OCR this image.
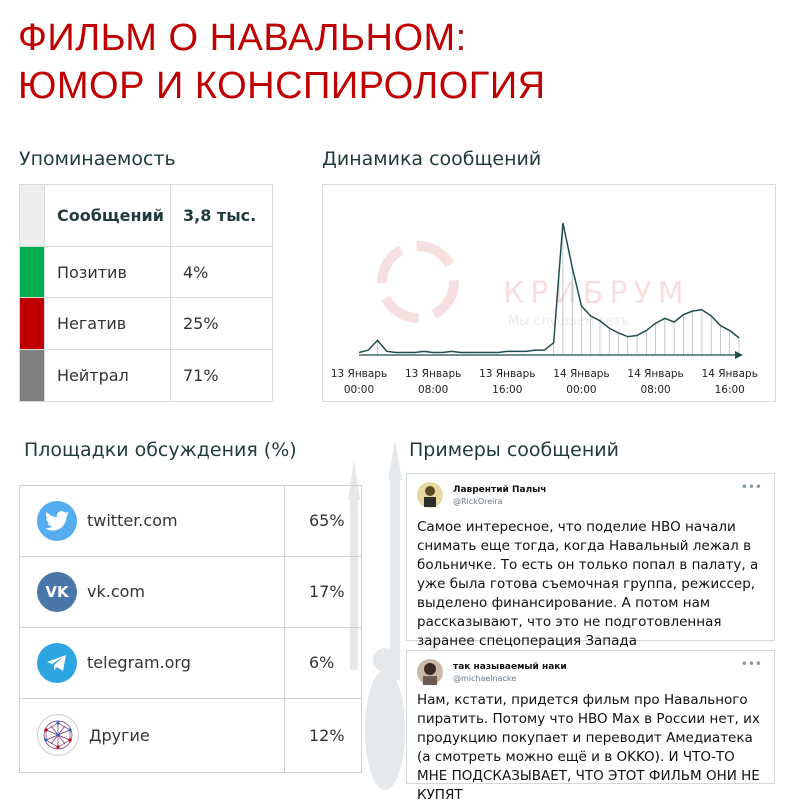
ФИЛЬМ О НАВАЛЬНОМ:
ЮМОР И КОНСПИРОЛОГИЯ
Упоминаемость
	Сообщений	3,8 тыс.
	Позитив	4%
	Негатив	25%
	Нейтрал	71%
Динамика сообщений
КРИБРУМ
Мы слушаем сеть
13 Январь
00:00
13 Январь
08:00
13 Январь
16:00
14 Январь
00:00
14 Январь
08:00
14 Январь
16:00
Площадки обсуждения (%)
twitter.com	65%

VK vk.com	17%

telegram.org	6%

Другие	12%
Примеры сообщений
Лаврентий Палыч
@RickOreira
•••
Самое интересное, что поделие HBO начали снимать еще тогда, когда Навальный лежал в больничке. То есть он только попал в палату, а уже была готова съемочная группа, режиссер, выделено финансирование. А потом нам рассказывают, что это не подготовленная заранее спецоперация Запада
так называемый наки
@michaelnacke
•••
Нам, кстати, придется фильм про Навального пиратить. Потому что HBO Max в России нет, их продукцию покупает и переводит Амедиатека (а смотреть можно ещё и в OKKO). И ЧТО-ТО МНЕ ПОДСКАЗЫВАЕТ, ЧТО ЭТОТ ФИЛЬМ ОНИ НЕ КУПЯТ
